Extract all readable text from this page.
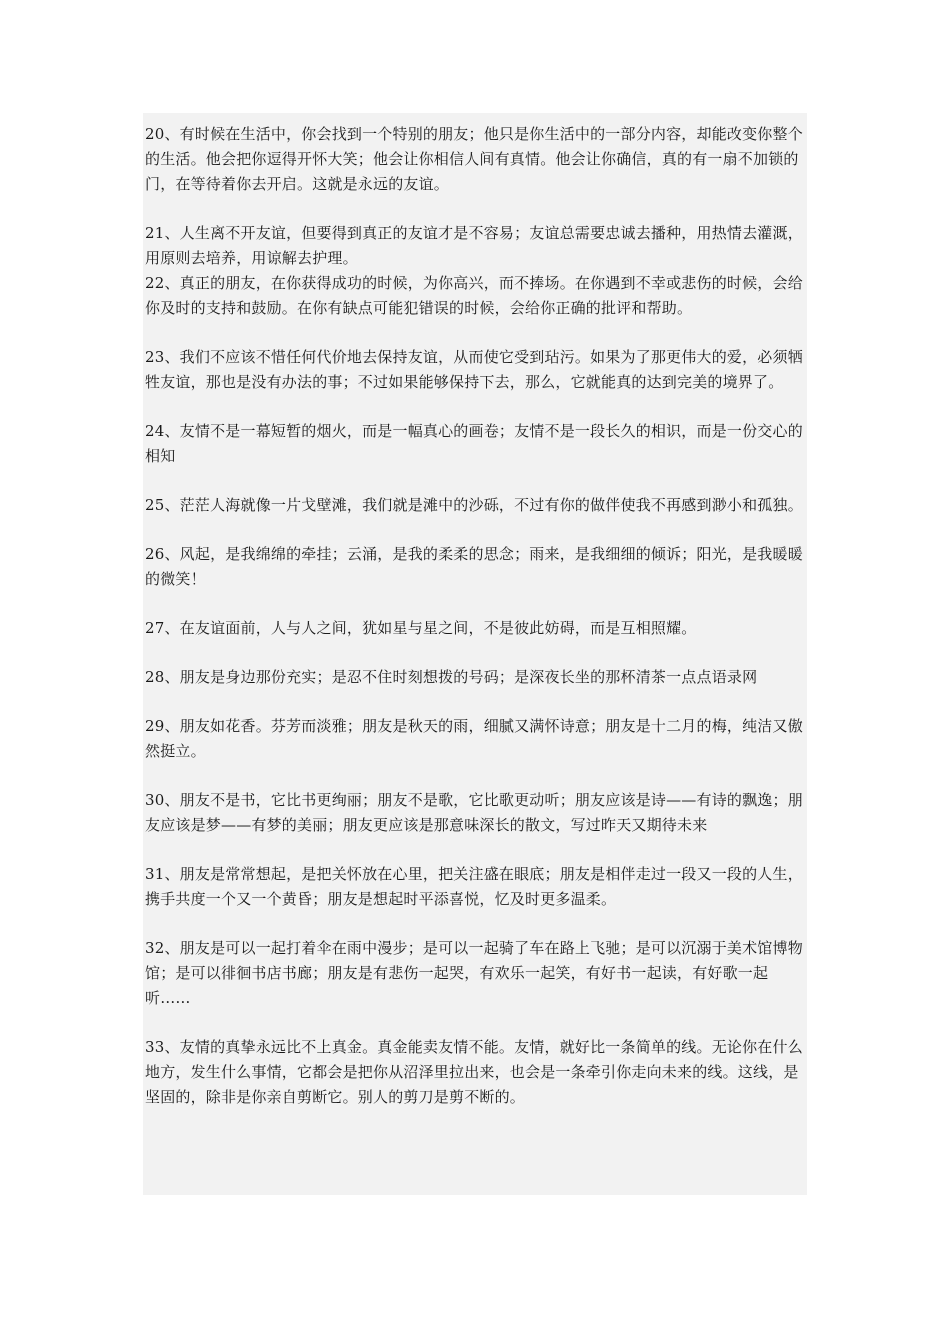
20、有时候在生活中，你会找到一个特别的朋友；他只是你生活中的一部分内容，却能改变你整个的生活。他会把你逗得开怀大笑；他会让你相信人间有真情。他会让你确信，真的有一扇不加锁的门，在等待着你去开启。这就是永远的友谊。

21、人生离不开友谊，但要得到真正的友谊才是不容易；友谊总需要忠诚去播种，用热情去灌溉，用原则去培养，用谅解去护理。

22、真正的朋友，在你获得成功的时候，为你高兴，而不捧场。在你遇到不幸或悲伤的时候，会给你及时的支持和鼓励。在你有缺点可能犯错误的时候，会给你正确的批评和帮助。

23、我们不应该不惜任何代价地去保持友谊，从而使它受到玷污。如果为了那更伟大的爱，必须牺牲友谊，那也是没有办法的事；不过如果能够保持下去，那么，它就能真的达到完美的境界了。

24、友情不是一幕短暂的烟火，而是一幅真心的画卷；友情不是一段长久的相识，而是一份交心的相知

25、茫茫人海就像一片戈壁滩，我们就是滩中的沙砾，不过有你的做伴使我不再感到渺小和孤独。

26、风起，是我绵绵的牵挂；云涌，是我的柔柔的思念；雨来，是我细细的倾诉；阳光，是我暖暖的微笑！

27、在友谊面前，人与人之间，犹如星与星之间，不是彼此妨碍，而是互相照耀。

28、朋友是身边那份充实；是忍不住时刻想拨的号码；是深夜长坐的那杯清茶一点点语录网

29、朋友如花香。芬芳而淡雅；朋友是秋天的雨，细腻又满怀诗意；朋友是十二月的梅，纯洁又傲然挺立。

30、朋友不是书，它比书更绚丽；朋友不是歌，它比歌更动听；朋友应该是诗——有诗的飘逸；朋友应该是梦——有梦的美丽；朋友更应该是那意味深长的散文，写过昨天又期待未来

31、朋友是常常想起，是把关怀放在心里，把关注盛在眼底；朋友是相伴走过一段又一段的人生，携手共度一个又一个黄昏；朋友是想起时平添喜悦，忆及时更多温柔。

32、朋友是可以一起打着伞在雨中漫步；是可以一起骑了车在路上飞驰；是可以沉溺于美术馆博物馆；是可以徘徊书店书廊；朋友是有悲伤一起哭，有欢乐一起笑，有好书一起读，有好歌一起听……

33、友情的真挚永远比不上真金。真金能卖友情不能。友情，就好比一条简单的线。无论你在什么地方，发生什么事情，它都会是把你从沼泽里拉出来，也会是一条牵引你走向未来的线。这线，是坚固的，除非是你亲自剪断它。别人的剪刀是剪不断的。
